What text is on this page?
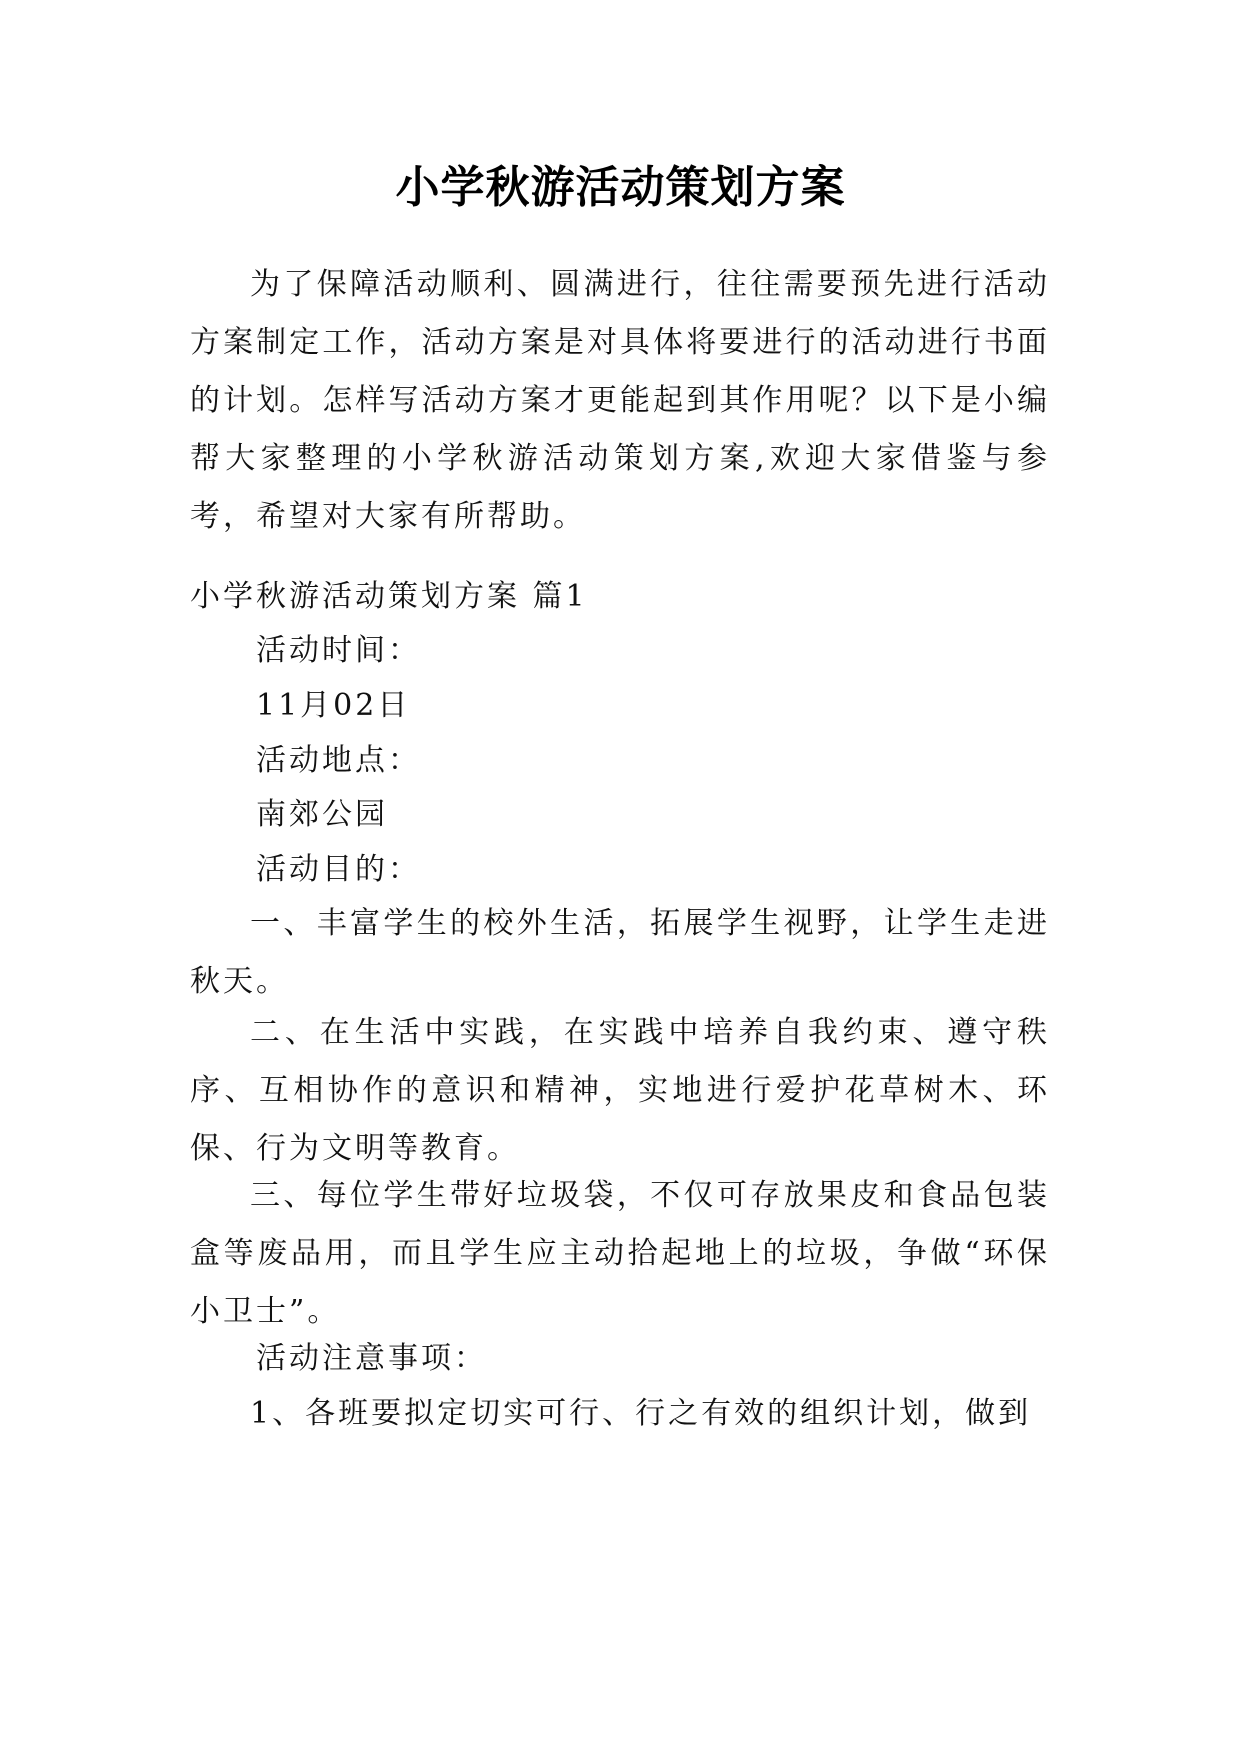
小学秋游活动策划方案

为了保障活动顺利、圆满进行，往往需要预先进行活动方案制定工作，活动方案是对具体将要进行的活动进行书面的计划。怎样写活动方案才更能起到其作用呢？以下是小编帮大家整理的小学秋游活动策划方案,欢迎大家借鉴与参考，希望对大家有所帮助。

小学秋游活动策划方案 篇1
活动时间：
11月02日
活动地点：
南郊公园
活动目的：

一、丰富学生的校外生活，拓展学生视野，让学生走进秋天。

二、在生活中实践，在实践中培养自我约束、遵守秩序、互相协作的意识和精神，实地进行爱护花草树木、环保、行为文明等教育。

三、每位学生带好垃圾袋，不仅可存放果皮和食品包装盒等废品用，而且学生应主动拾起地上的垃圾，争做“环保小卫士”。

活动注意事项：

1、各班要拟定切实可行、行之有效的组织计划，做到
